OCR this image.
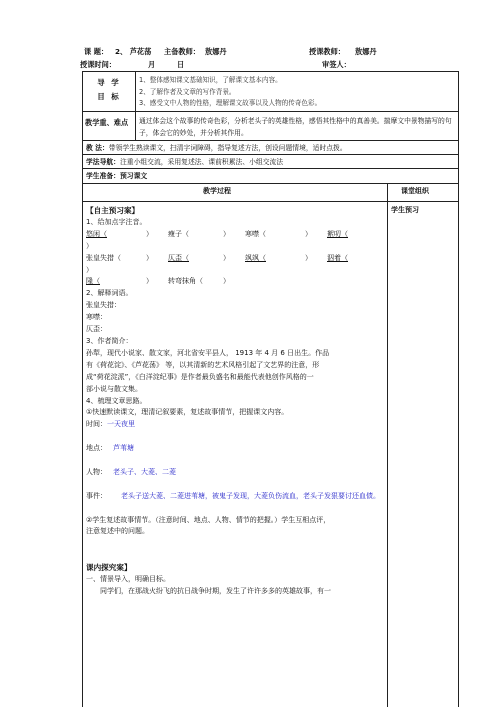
课 题： 2、 芦花荡 主备教师： 敖娜丹	授课教师： 敖娜丹
授课时间：	月	日	审签人：
导 学
目 标
1、整体感知课文基础知识，了解课文基本内容。
2、了解作者及文章的写作背景。
3、感受文中人物的性格，理解课文故事以及人物的传奇色彩。
教学重、难点	通过体会这个故事的传奇色彩，分析老头子的英雄性格，感悟其性格中的真善美。揣摩文中景物描写的句子，体会它的妙处，并分析其作用。
教 法：带领学生熟读课文，扫清字词障碍，指导复述方法，创设问题情境，适时点拨。
学法导航：注重小组交流，采用复述法、课前积累法、小组交流法
学生准备：预习课文
教学过程	课堂组织

【自主预习案】

1、给加点字注音。

悠闲（	） 瘦子（	） 寒噤（	） 絮叨（

）

张皇失措（	） 仄歪（	） 飒飒（	） 泅着（

）

隆（	） 转弯抹角（	）

2、解释词语。

张皇失措：

寒噤：

仄歪：

3、作者简介：

孙犁，现代小说家、散文家，河北省安平县人， 1913 年 4 月 6 日出生。作品

有《荷花淀》、《芦花荡》 等，以其清新的艺术风格引起了文艺界的注意，形

成“荷花淀派”，《白洋淀纪事》是作者最负盛名和最能代表他创作风格的一

部小说与散文集。

4、梳理文章思路。

①快速默读课文，理清记叙要素，复述故事情节，把握课文内容。

时间：一天夜里

地点： 芦苇塘

人物： 老头子、大菱、二菱

事件： 老头子送大菱、二菱进苇塘，被鬼子发现，大菱负伤流血，老头子发狠要讨还血债。

②学生复述故事情节。（注意时间、地点、人物、情节的把握。）学生互相点评，

注意复述中的问题。

课内探究案】

一、情景导入，明确目标。

同学们，在那战火纷飞的抗日战争时期，发生了许许多多的英雄故事，有一

学生预习
